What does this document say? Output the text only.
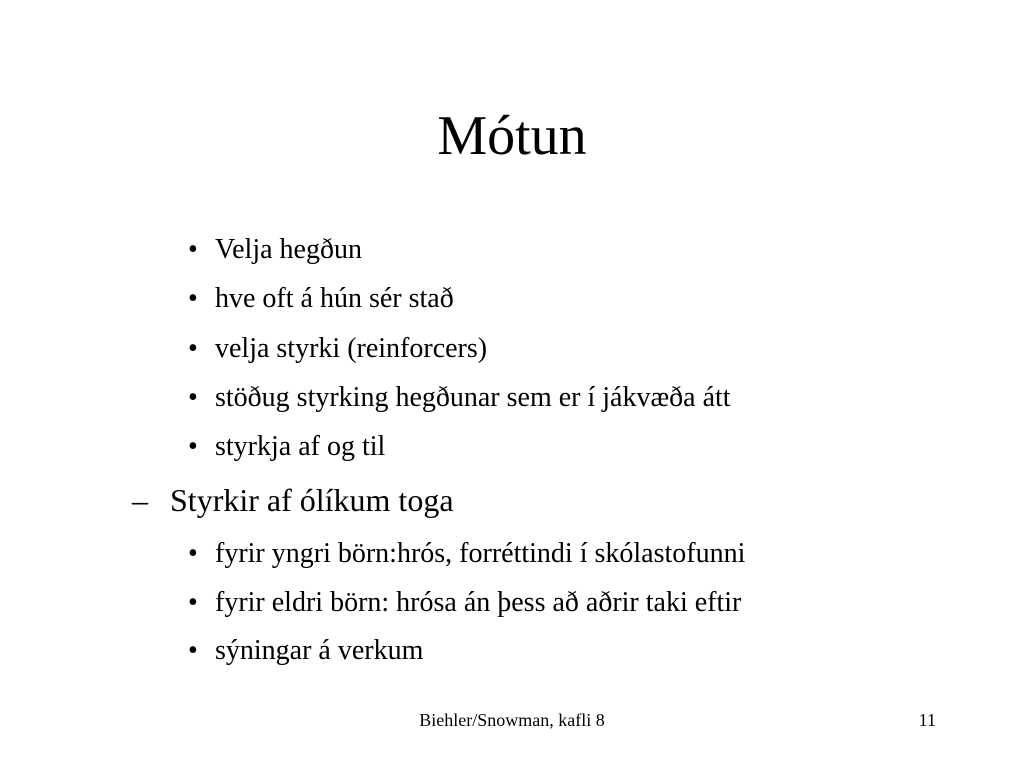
Mótun
• Velja hegðun
• hve oft á hún sér stað
• velja styrki (reinforcers)
• stöðug styrking hegðunar sem er í jákvæða átt
• styrkja af og til
– Styrkir af ólíkum toga
• fyrir yngri börn:hrós, forréttindi í skólastofunni
• fyrir eldri börn: hrósa án þess að aðrir taki eftir
• sýningar á verkum
Biehler/Snowman, kafli 8	11
